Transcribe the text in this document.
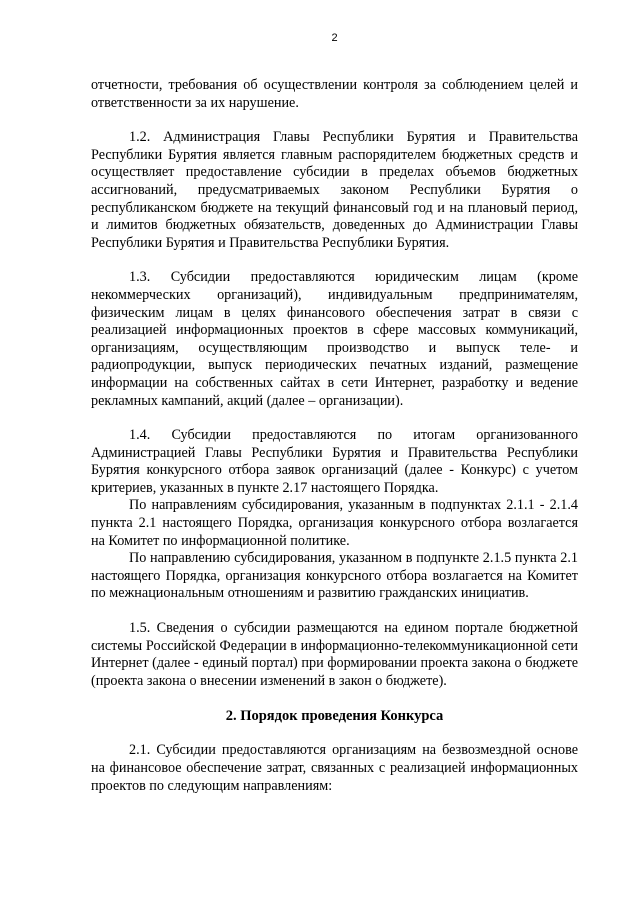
2

отчетности, требования об осуществлении контроля за соблюдением целей и ответственности за их нарушение.

1.2. Администрация Главы Республики Бурятия и Правительства Республики Бурятия является главным распорядителем бюджетных средств и осуществляет предоставление субсидии в пределах объемов бюджетных ассигнований, предусматриваемых законом Республики Бурятия о республиканском бюджете на текущий финансовый год и на плановый период, и лимитов бюджетных обязательств, доведенных до Администрации Главы Республики Бурятия и Правительства Республики Бурятия.

1.3. Субсидии предоставляются юридическим лицам (кроме некоммерческих организаций), индивидуальным предпринимателям, физическим лицам в целях финансового обеспечения затрат в связи с реализацией информационных проектов в сфере массовых коммуникаций, организациям, осуществляющим производство и выпуск теле- и радиопродукции, выпуск периодических печатных изданий, размещение информации на собственных сайтах в сети Интернет, разработку и ведение рекламных кампаний, акций (далее – организации).

1.4. Субсидии предоставляются по итогам организованного Администрацией Главы Республики Бурятия и Правительства Республики Бурятия конкурсного отбора заявок организаций (далее - Конкурс) с учетом критериев, указанных в пункте 2.17 настоящего Порядка.

По направлениям субсидирования, указанным в подпунктах 2.1.1 - 2.1.4 пункта 2.1 настоящего Порядка, организация конкурсного отбора возлагается на Комитет по информационной политике.

По направлению субсидирования, указанном в подпункте 2.1.5 пункта 2.1 настоящего Порядка, организация конкурсного отбора возлагается на Комитет по межнациональным отношениям и развитию гражданских инициатив.

1.5. Сведения о субсидии размещаются на едином портале бюджетной системы Российской Федерации в информационно-телекоммуникационной сети Интернет (далее - единый портал) при формировании проекта закона о бюджете (проекта закона о внесении изменений в закон о бюджете).

2. Порядок проведения Конкурса

2.1. Субсидии предоставляются организациям на безвозмездной основе на финансовое обеспечение затрат, связанных с реализацией информационных проектов по следующим направлениям:
